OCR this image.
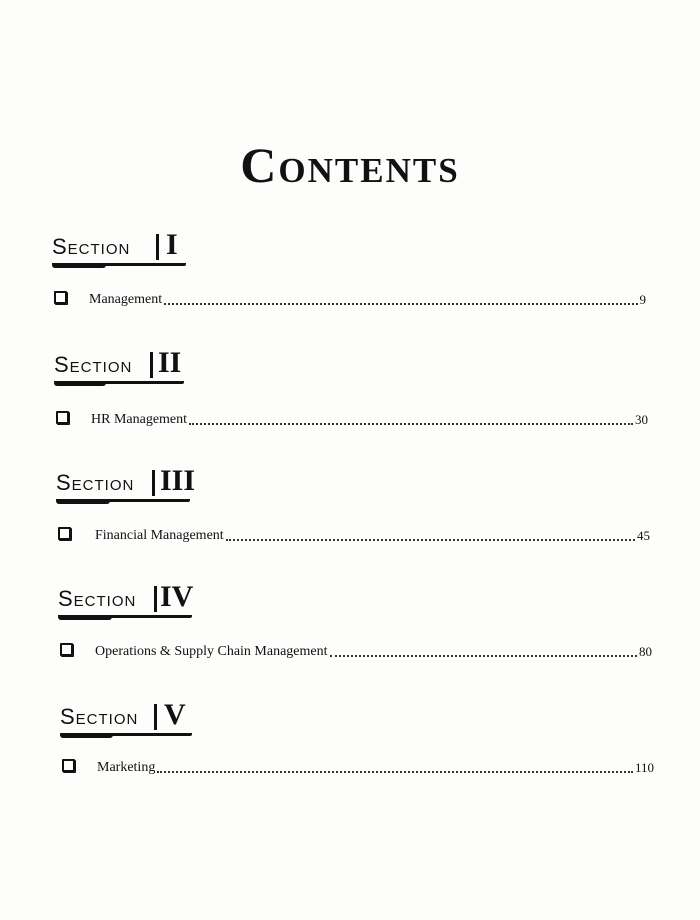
Contents
Section I
Management	9
Section II
HR Management	30
Section III
Financial Management	45
Section IV
Operations & Supply Chain Management	80
Section V
Marketing	110
